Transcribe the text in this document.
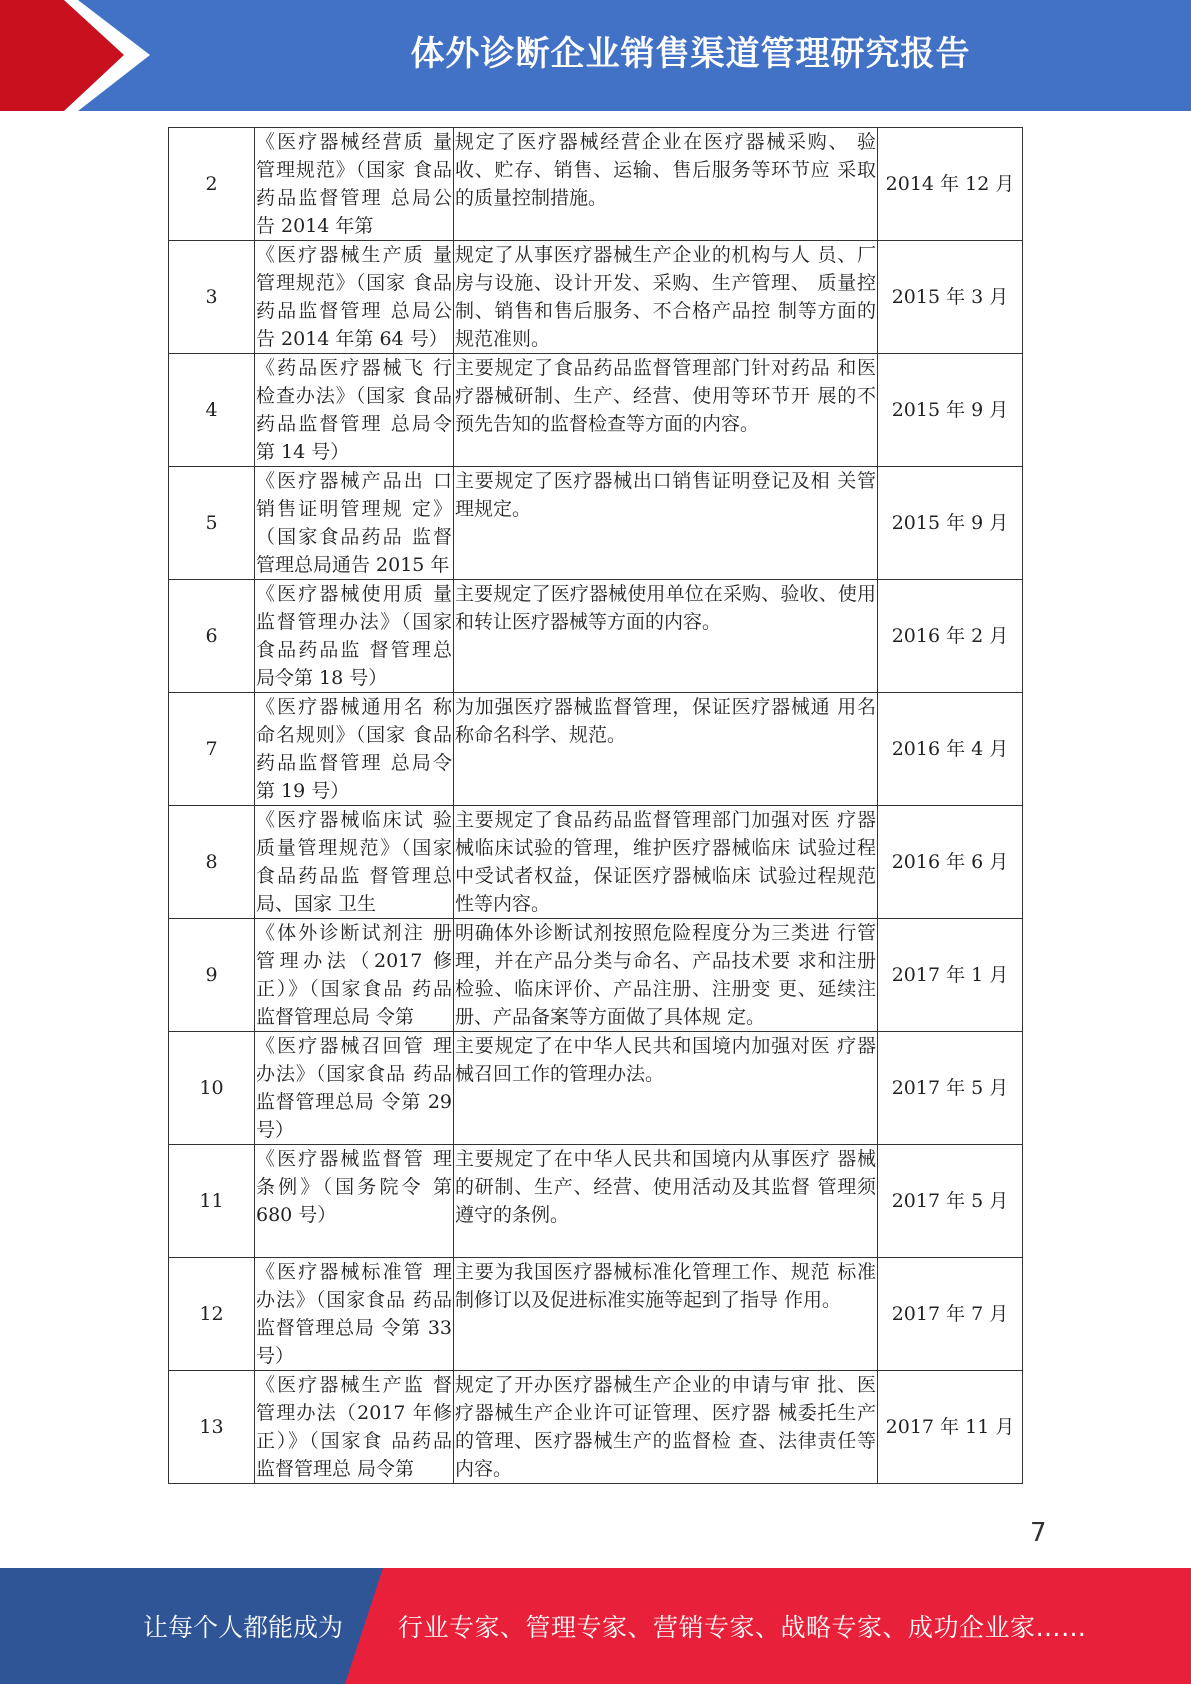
体外诊断企业销售渠道管理研究报告
2	《医疗器械经营质 量管理规范》（国家 食品药品监督管理 总局公告 2014 年第	规定了医疗器械经营企业在医疗器械采购、 验收、贮存、销售、运输、售后服务等环节应 采取的质量控制措施。	2014 年 12 月
3	《医疗器械生产质 量管理规范》（国家 食品药品监督管理 总局公告 2014 年第 64 号）	规定了从事医疗器械生产企业的机构与人 员、厂房与设施、设计开发、采购、生产管理、 质量控制、销售和售后服务、不合格产品控 制等方面的规范准则。	2015 年 3 月
4	《药品医疗器械飞 行检查办法》（国家 食品药品监督管理 总局令第 14 号）	主要规定了食品药品监督管理部门针对药品 和医疗器械研制、生产、经营、使用等环节开 展的不预先告知的监督检查等方面的内容。	2015 年 9 月
5	《医疗器械产品出 口销售证明管理规 定》（国家食品药品 监督管理总局通告 2015 年	主要规定了医疗器械出口销售证明登记及相 关管理规定。	2015 年 9 月
6	《医疗器械使用质 量监督管理办法》（国家食品药品监 督管理总局令第 18 号）	主要规定了医疗器械使用单位在采购、验收、使用和转让医疗器械等方面的内容。	2016 年 2 月
7	《医疗器械通用名 称命名规则》（国家 食品药品监督管理 总局令第 19 号）	为加强医疗器械监督管理，保证医疗器械通 用名称命名科学、规范。	2016 年 4 月
8	《医疗器械临床试 验质量管理规范》（国家食品药品监 督管理总局、国家 卫生	主要规定了食品药品监督管理部门加强对医 疗器械临床试验的管理，维护医疗器械临床 试验过程中受试者权益，保证医疗器械临床 试验过程规范性等内容。	2016 年 6 月
9	《体外诊断试剂注 册管理办法（2017 修正）》（国家食品 药品监督管理总局 令第	明确体外诊断试剂按照危险程度分为三类进 行管理，并在产品分类与命名、产品技术要 求和注册检验、临床评价、产品注册、注册变 更、延续注册、产品备案等方面做了具体规 定。	2017 年 1 月
10	《医疗器械召回管 理办法》（国家食品 药品监督管理总局 令第 29 号）	主要规定了在中华人民共和国境内加强对医 疗器械召回工作的管理办法。	2017 年 5 月
11	《医疗器械监督管 理条例》（国务院令 第 680 号）	主要规定了在中华人民共和国境内从事医疗 器械的研制、生产、经营、使用活动及其监督 管理须遵守的条例。	2017 年 5 月
12	《医疗器械标准管 理办法》（国家食品 药品监督管理总局 令第 33 号）	主要为我国医疗器械标准化管理工作、规范 标准制修订以及促进标准实施等起到了指导 作用。	2017 年 7 月
13	《医疗器械生产监 督管理办法（2017 年修正）》（国家食 品药品监督管理总 局令第	规定了开办医疗器械生产企业的申请与审 批、医疗器械生产企业许可证管理、医疗器 械委托生产的管理、医疗器械生产的监督检 查、法律责任等内容。	2017 年 11 月
7
让每个人都能成为 行业专家、管理专家、营销专家、战略专家、成功企业家……
